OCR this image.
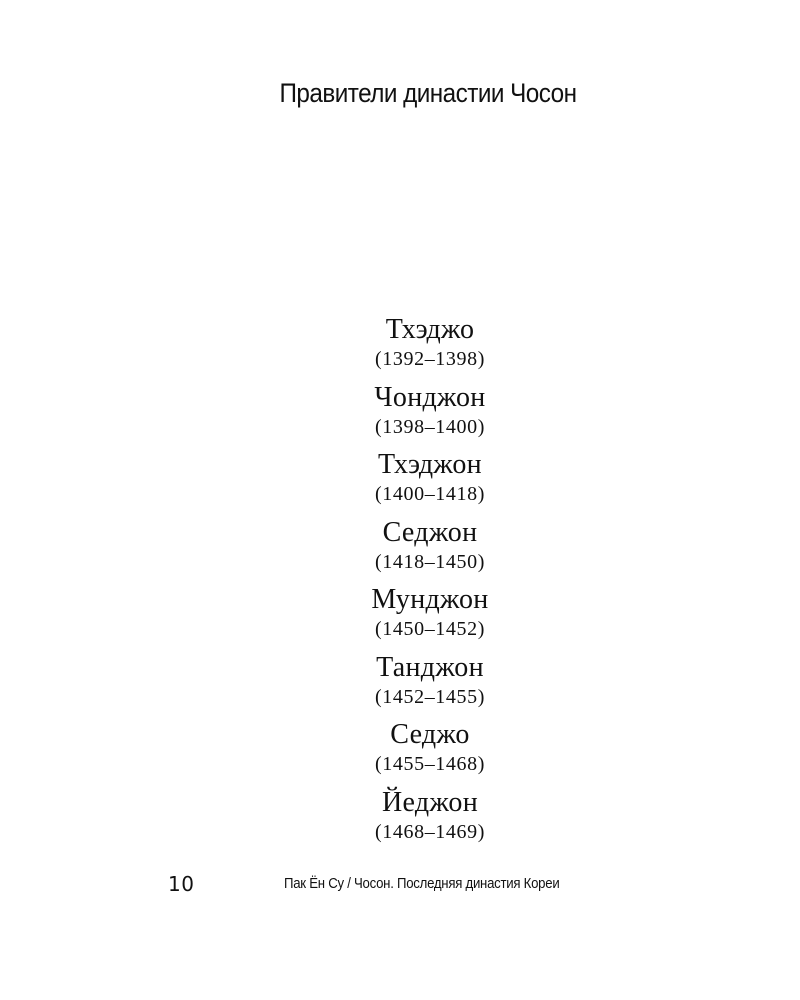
Правители династии Чосон
Тхэджо
(1392–1398)
Чонджон
(1398–1400)
Тхэджон
(1400–1418)
Седжон
(1418–1450)
Мунджон
(1450–1452)
Танджон
(1452–1455)
Седжо
(1455–1468)
Йеджон
(1468–1469)
10	Пак Ён Су / Чосон. Последняя династия Кореи
